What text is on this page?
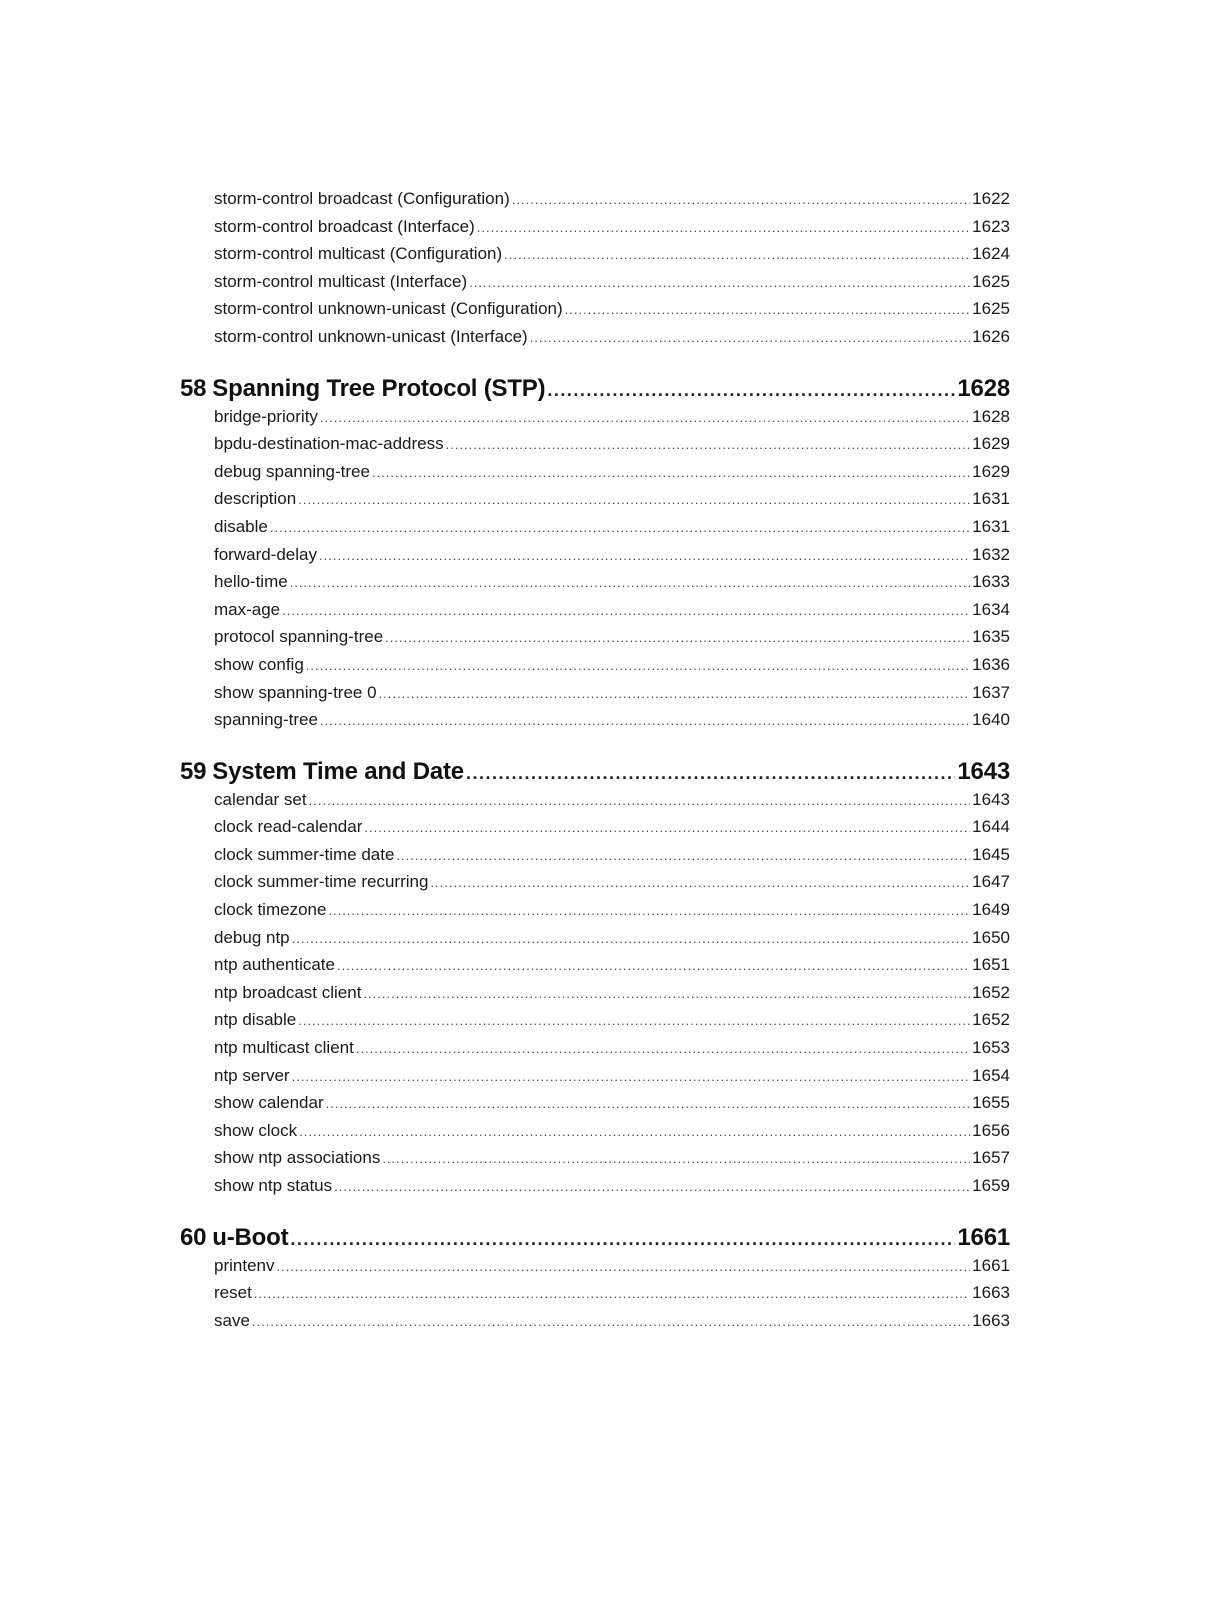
storm-control broadcast (Configuration) .....	1622
storm-control broadcast (Interface) .....	1623
storm-control multicast (Configuration) .....	1624
storm-control multicast (Interface) .....	1625
storm-control unknown-unicast (Configuration) .....	1625
storm-control unknown-unicast (Interface) .....	1626
58 Spanning Tree Protocol (STP) .....	1628
bridge-priority .....	1628
bpdu-destination-mac-address .....	1629
debug spanning-tree .....	1629
description .....	1631
disable .....	1631
forward-delay .....	1632
hello-time .....	1633
max-age .....	1634
protocol spanning-tree .....	1635
show config .....	1636
show spanning-tree 0 .....	1637
spanning-tree .....	1640
59 System Time and Date .....	1643
calendar set .....	1643
clock read-calendar .....	1644
clock summer-time date .....	1645
clock summer-time recurring .....	1647
clock timezone .....	1649
debug ntp .....	1650
ntp authenticate .....	1651
ntp broadcast client .....	1652
ntp disable .....	1652
ntp multicast client .....	1653
ntp server .....	1654
show calendar .....	1655
show clock .....	1656
show ntp associations .....	1657
show ntp status .....	1659
60 u-Boot .....	1661
printenv .....	1661
reset .....	1663
save .....	1663
